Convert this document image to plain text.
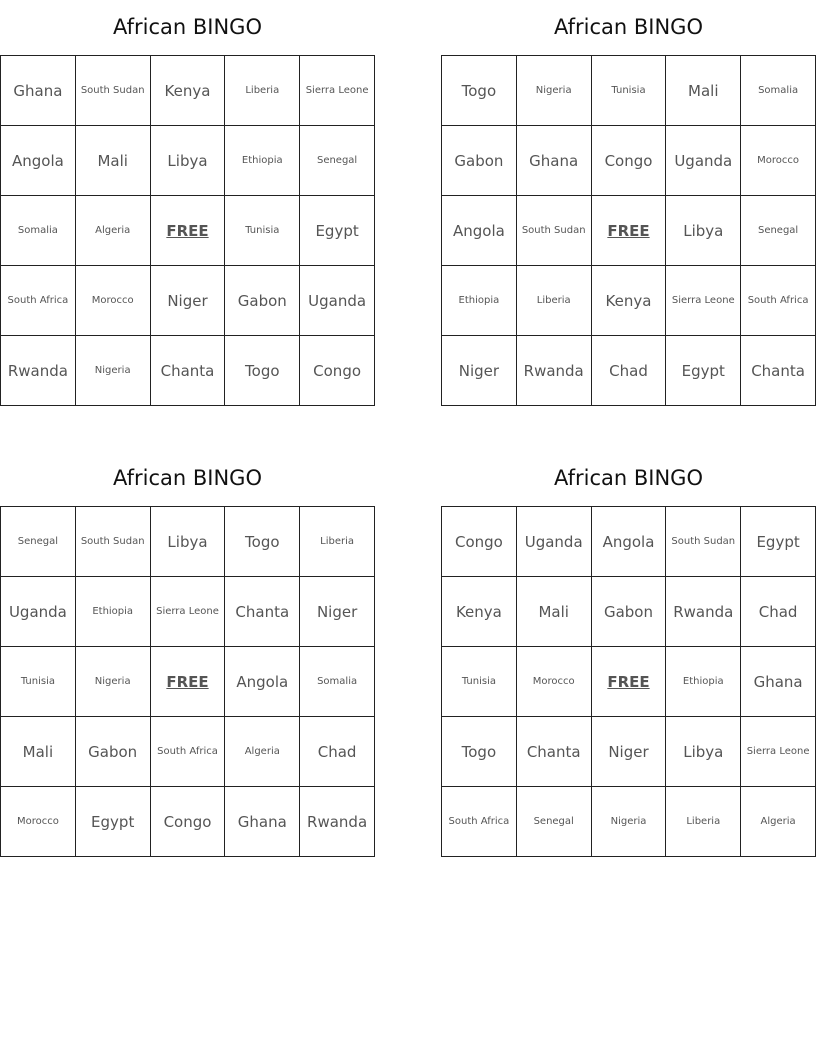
African BINGO
Ghana	South Sudan	Kenya	Liberia	Sierra Leone
Angola	Mali	Libya	Ethiopia	Senegal
Somalia	Algeria	FREE	Tunisia	Egypt
South Africa	Morocco	Niger	Gabon	Uganda
Rwanda	Nigeria	Chanta	Togo	Congo
African BINGO
Togo	Nigeria	Tunisia	Mali	Somalia
Gabon	Ghana	Congo	Uganda	Morocco
Angola	South Sudan	FREE	Libya	Senegal
Ethiopia	Liberia	Kenya	Sierra Leone	South Africa
Niger	Rwanda	Chad	Egypt	Chanta
African BINGO
Senegal	South Sudan	Libya	Togo	Liberia
Uganda	Ethiopia	Sierra Leone	Chanta	Niger
Tunisia	Nigeria	FREE	Angola	Somalia
Mali	Gabon	South Africa	Algeria	Chad
Morocco	Egypt	Congo	Ghana	Rwanda
African BINGO
Congo	Uganda	Angola	South Sudan	Egypt
Kenya	Mali	Gabon	Rwanda	Chad
Tunisia	Morocco	FREE	Ethiopia	Ghana
Togo	Chanta	Niger	Libya	Sierra Leone
South Africa	Senegal	Nigeria	Liberia	Algeria
